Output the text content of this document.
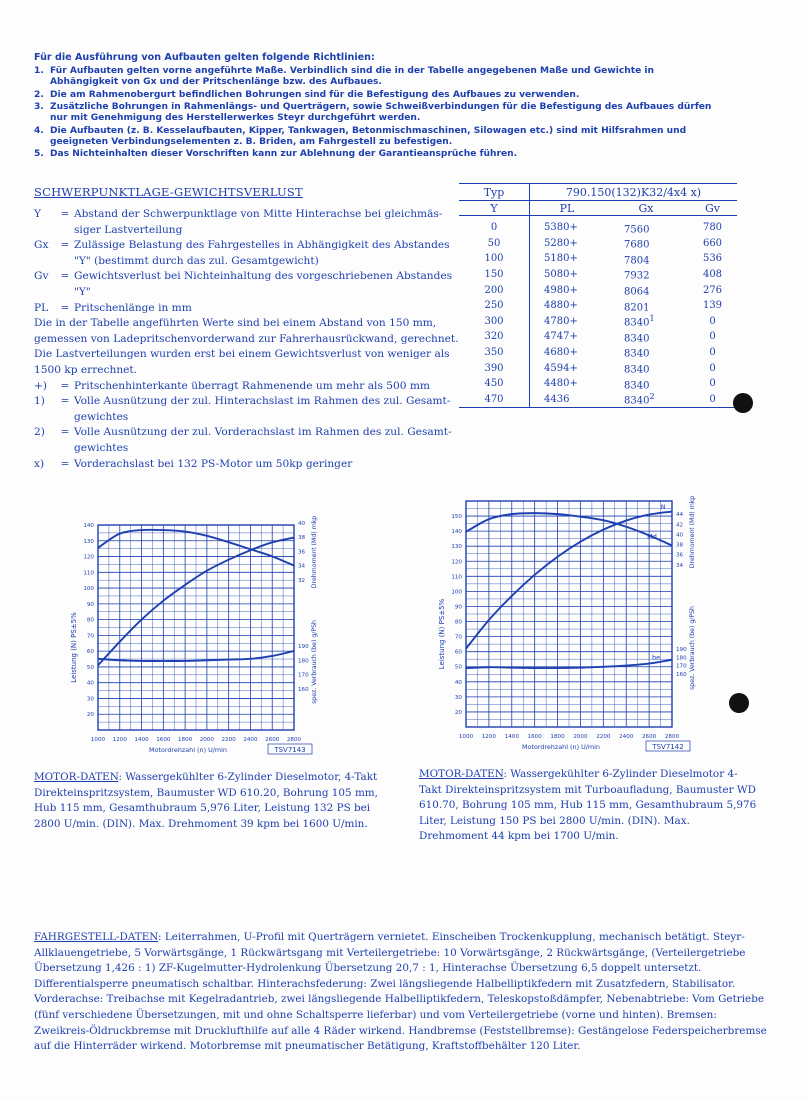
Für die Ausführung von Aufbauten gelten folgende Richtlinien:
1. Für Aufbauten gelten vorne angeführte Maße. Verbindlich sind die in der Tabelle angegebenen Maße und Gewichte in Abhängigkeit von Gx und der Pritschenlänge bzw. des Aufbaues.
2. Die am Rahmenobergurt befindlichen Bohrungen sind für die Befestigung des Aufbaues zu verwenden.
3. Zusätzliche Bohrungen in Rahmenlängs- und Querträgern, sowie Schweißverbindungen für die Befestigung des Aufbaues dürfen nur mit Genehmigung des Herstellerwerkes Steyr durchgeführt werden.
4. Die Aufbauten (z. B. Kesselaufbauten, Kipper, Tankwagen, Betonmischmaschinen, Silowagen etc.) sind mit Hilfsrahmen und geeigneten Verbindungselementen z. B. Briden, am Fahrgestell zu befestigen.
5. Das Nichteinhalten dieser Vorschriften kann zur Ablehnung der Garantieansprüche führen.
SCHWERPUNKTLAGE-GEWICHTSVERLUST
Y	= Abstand der Schwerpunktlage von Mitte Hinterachse bei gleichmäs-
siger Lastverteilung
Gx	= Zulässige Belastung des Fahrgestelles in Abhängigkeit des Abstandes
"Y" (bestimmt durch das zul. Gesamtgewicht)
Gv	= Gewichtsverlust bei Nichteinhaltung des vorgeschriebenen Abstandes
"Y"
PL	= Pritschenlänge in mm
Die in der Tabelle angeführten Werte sind bei einem Abstand von 150 mm,
gemessen von Ladepritschenvorderwand zur Fahrerhausrückwand, gerechnet.
Die Lastverteilungen wurden erst bei einem Gewichtsverlust von weniger als
1500 kp errechnet.
+)	= Pritschenhinterkante überragt Rahmenende um mehr als 500 mm
1)	= Volle Ausnützung der zul. Hinterachslast im Rahmen des zul. Gesamt-
gewichtes
2)	= Volle Ausnützung der zul. Vorderachslast im Rahmen des zul. Gesamt-
gewichtes
x)	= Vorderachslast bei 132 PS-Motor um 50kp geringer
Typ	790.150(132)K32/4x4 x)		
Y	PL	Gx	Gv
0	5380+	7560	780
50	5280+	7680	660
100	5180+	7804	536
150	5080+	7932	408
200	4980+	8064	276
250	4880+	8201	139
300	4780+	$8340^1$	0
320	4747+	8340	0
350	4680+	8340	0
390	4594+	8340	0
450	4480+	8340	0
470	4436	8340$^2$	0
1000 1200 1400 1600 1800 2000 2200 2400 2600 2800
20
30
40
50
60
70
80
90
100
110
120
130
140
32
34
36
38
40
160
170
180
190
Leistung (N) PS±5%
Drehmoment (Md) mkp
spez. Verbrauch (be) g/PSh
Motordrehzahl (n) U/min	TSV7143
1000 1200 1400 1600 1800 2000 2200 2400 2600 2800
20
30
40
50
60
70
80
90
100
110
120
130
140
150
34
36
38
40
42
44
160
170
180
190
Leistung (N) PS±5%
Drehmoment (Md) mkp
spez. Verbrauch (be) g/PSh
Motordrehzahl (n) U/min	TSV7142
N
Md
be
MOTOR-DATEN: Wassergekühlter 6-Zylinder Dieselmotor, 4-Takt Direkteinspritzsystem, Baumuster WD 610.20, Bohrung 105 mm, Hub 115 mm, Gesamthubraum 5,976 Liter, Leistung 132 PS bei 2800 U/min. (DIN). Max. Drehmoment 39 kpm bei 1600 U/min.
MOTOR-DATEN: Wassergekühlter 6-Zylinder Dieselmotor 4-Takt Direkteinspritzsystem mit Turboaufladung, Baumuster WD 610.70, Bohrung 105 mm, Hub 115 mm, Gesamthubraum 5,976 Liter, Leistung 150 PS bei 2800 U/min. (DIN). Max. Drehmoment 44 kpm bei 1700 U/min.
FAHRGESTELL-DATEN: Leiterrahmen, U-Profil mit Querträgern vernietet. Einscheiben Trockenkupplung, mechanisch betätigt. Steyr-Allklauengetriebe, 5 Vorwärtsgänge, 1 Rückwärtsgang mit Verteilergetriebe: 10 Vorwärtsgänge, 2 Rückwärtsgänge, (Verteilergetriebe Übersetzung 1,426 : 1) ZF-Kugelmutter-Hydrolenkung Übersetzung 20,7 : 1, Hinterachse Übersetzung 6,5 doppelt untersetzt. Differentialsperre pneumatisch schaltbar. Hinterachsfederung: Zwei längsliegende Halbelliptikfedern mit Zusatzfedern, Stabilisator. Vorderachse: Treibachse mit Kegelradantrieb, zwei längsliegende Halbelliptikfedern, Teleskopstoßdämpfer, Nebenabtriebe: Vom Getriebe (fünf verschiedene Übersetzungen, mit und ohne Schaltsperre lieferbar) und vom Verteilergetriebe (vorne und hinten). Bremsen: Zweikreis-Öldruckbremse mit Drucklufthilfe auf alle 4 Räder wirkend. Handbremse (Feststellbremse): Gestängelose Federspeicherbremse auf die Hinterräder wirkend. Motorbremse mit pneumatischer Betätigung, Kraftstoffbehälter 120 Liter.
